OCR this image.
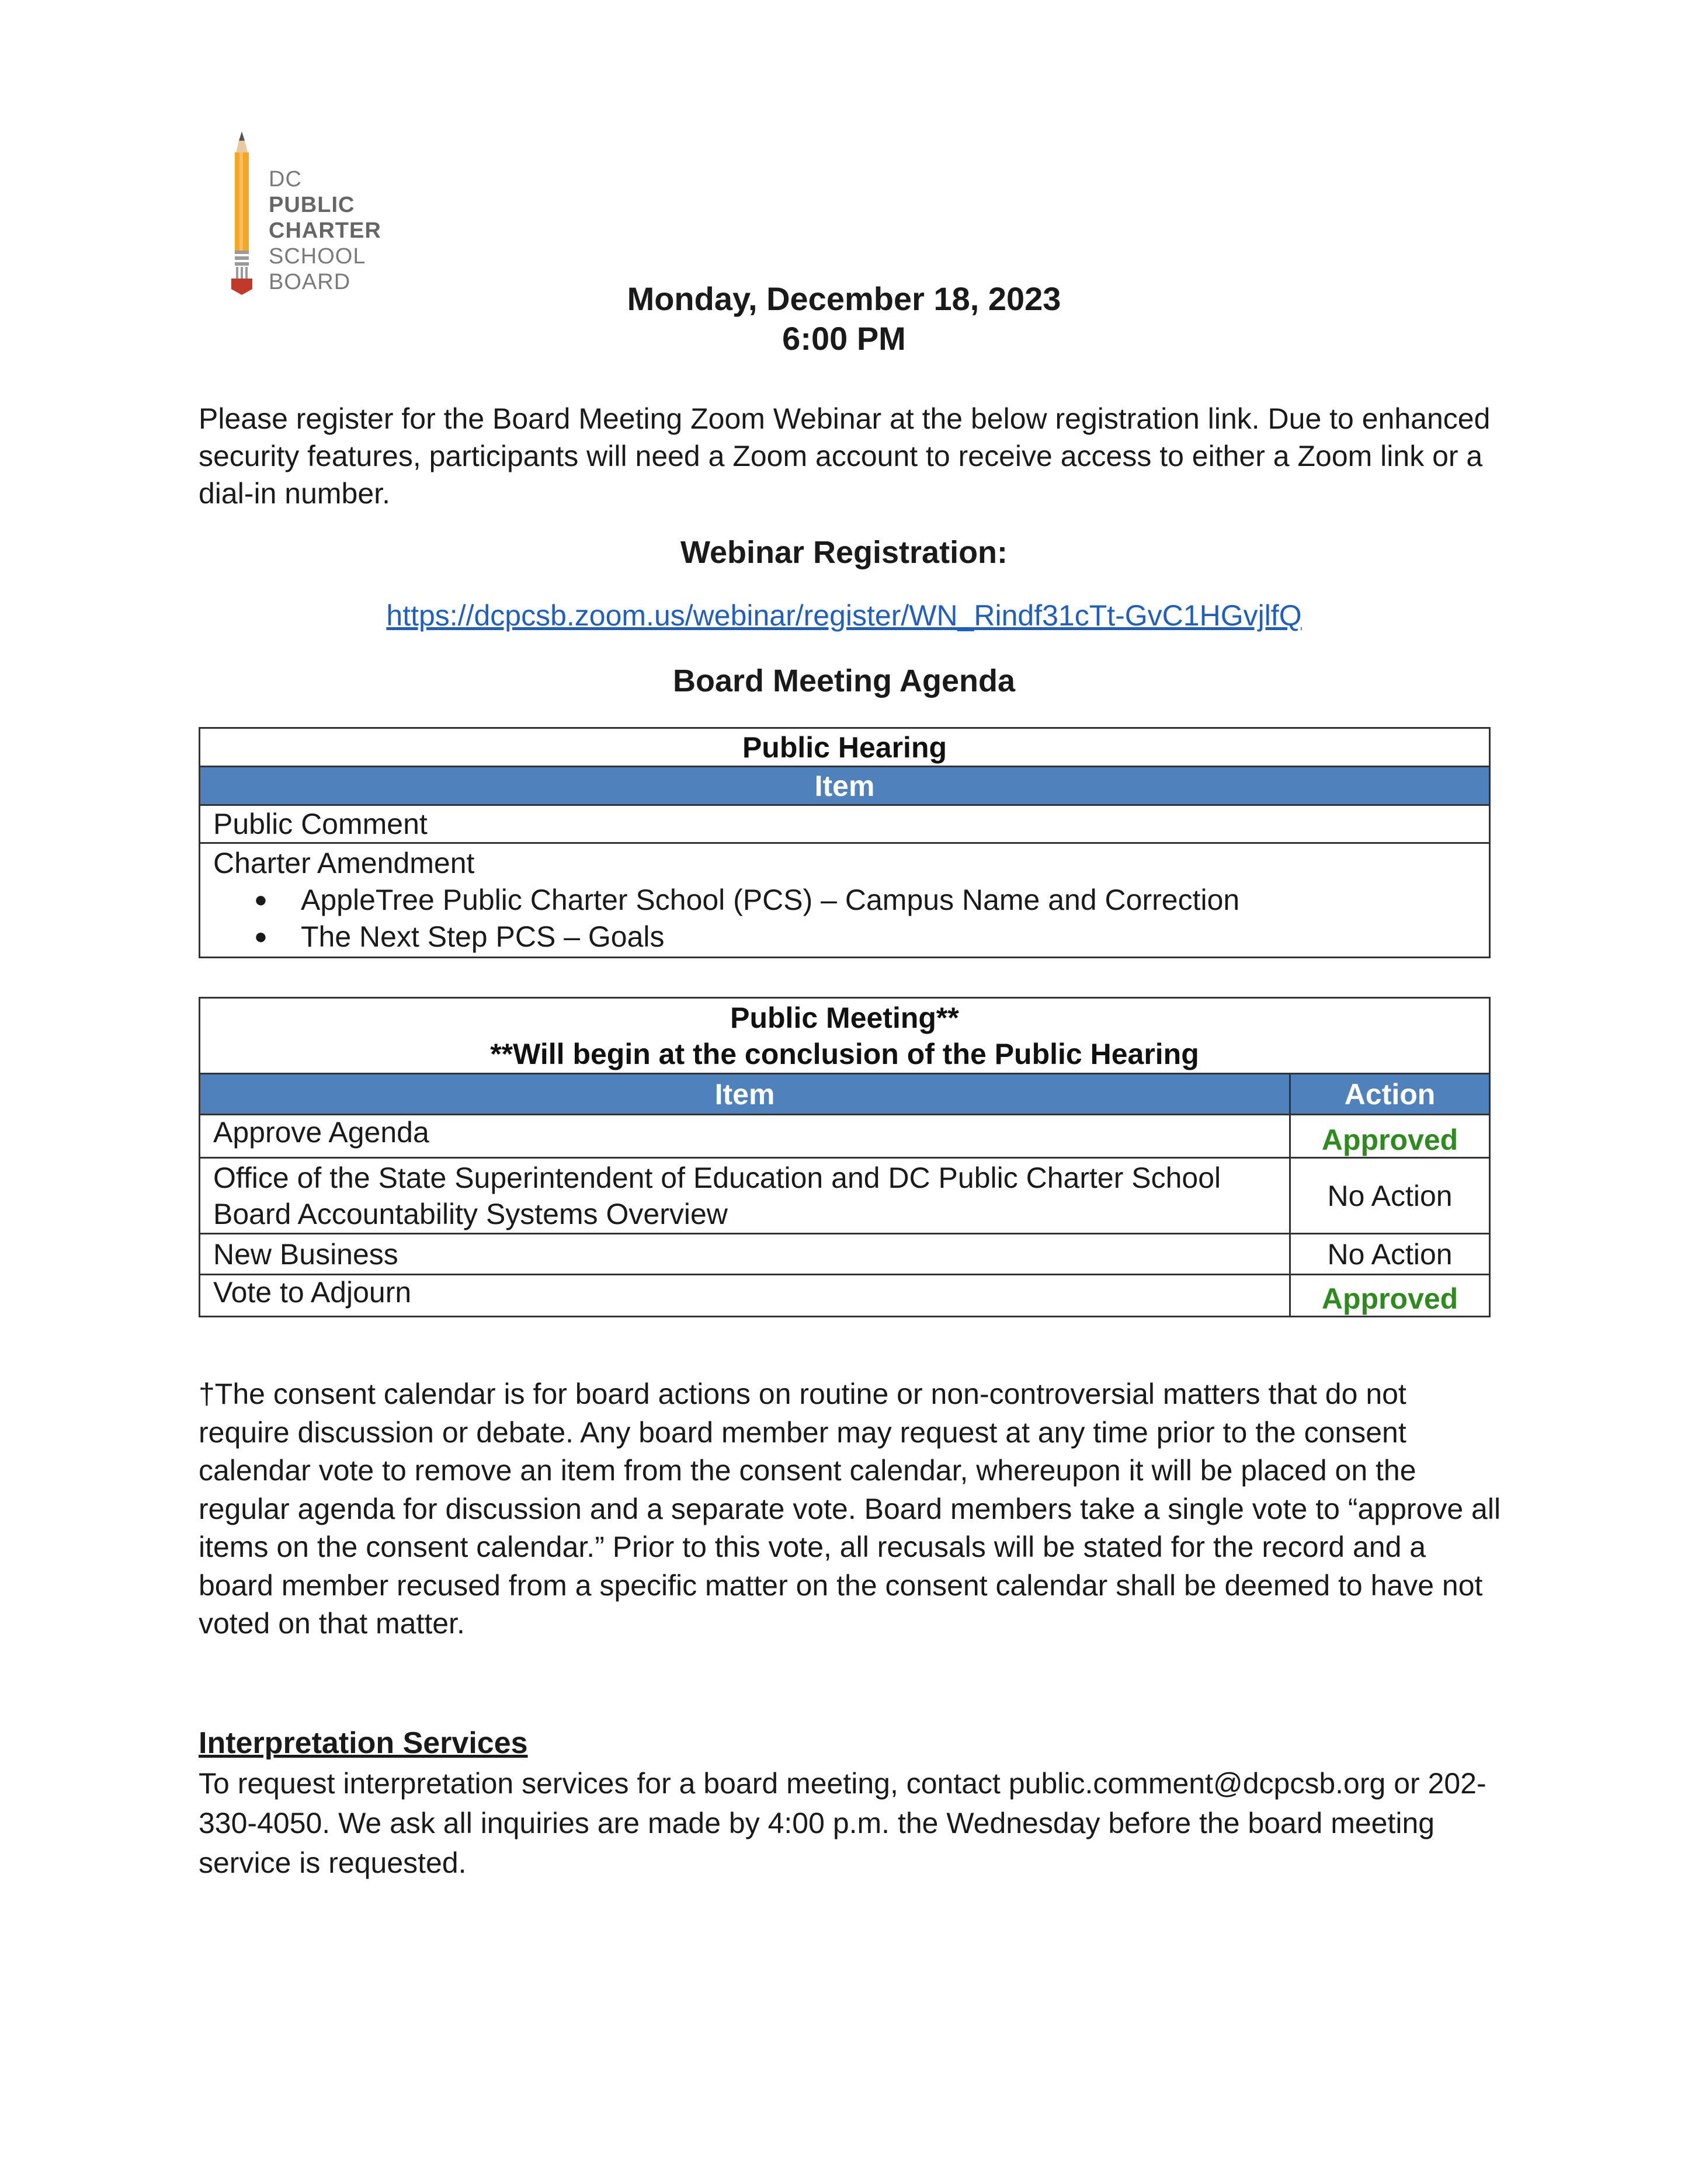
DC
PUBLIC
CHARTER
SCHOOL
BOARD	Monday, December 18, 2023
6:00 PM
Please register for the Board Meeting Zoom Webinar at the below registration link. Due to enhanced security features, participants will need a Zoom account to receive access to either a Zoom link or a dial-in number.
Webinar Registration:
https://dcpcsb.zoom.us/webinar/register/WN_Rindf31cTt-GvC1HGvjlfQ
Board Meeting Agenda
Public Hearing
Item
Public Comment

Charter Amendment
● AppleTree Public Charter School (PCS) – Campus Name and Correction
● The Next Step PCS – Goals
Public Meeting**
**Will begin at the conclusion of the Public Hearing	

Item	Action
Approve Agenda	Approved
Office of the State Superintendent of Education and DC Public Charter School Board Accountability Systems Overview	No Action
New Business	No Action
Vote to Adjourn	Approved
†The consent calendar is for board actions on routine or non-controversial matters that do not require discussion or debate. Any board member may request at any time prior to the consent calendar vote to remove an item from the consent calendar, whereupon it will be placed on the regular agenda for discussion and a separate vote. Board members take a single vote to “approve all items on the consent calendar.” Prior to this vote, all recusals will be stated for the record and a board member recused from a specific matter on the consent calendar shall be deemed to have not voted on that matter.
Interpretation Services
To request interpretation services for a board meeting, contact public.comment@dcpcsb.org or 202-330-4050. We ask all inquiries are made by 4:00 p.m. the Wednesday before the board meeting service is requested.
